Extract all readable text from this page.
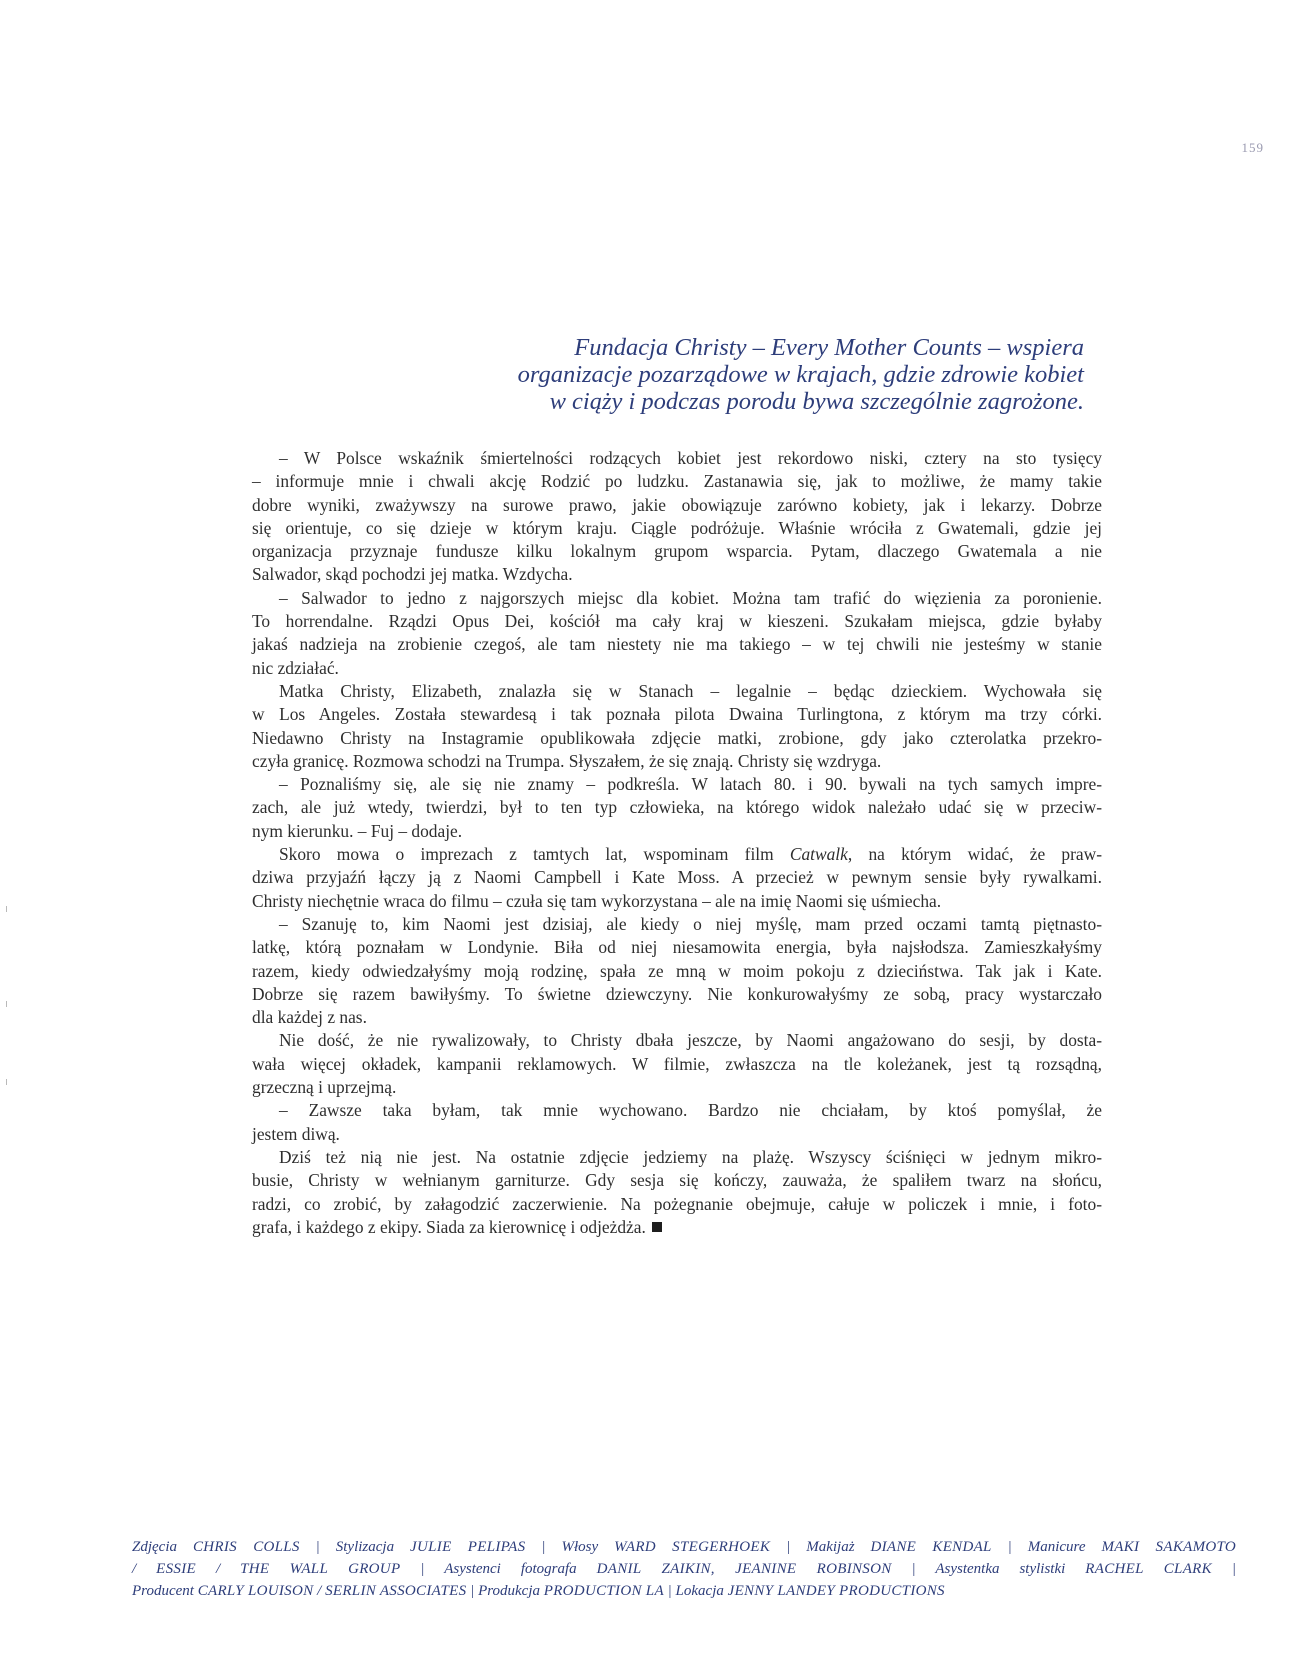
159
Fundacja Christy – Every Mother Counts – wspiera
organizacje pozarządowe w krajach, gdzie zdrowie kobiet
w ciąży i podczas porodu bywa szczególnie zagrożone.
– W Polsce wskaźnik śmiertelności rodzących kobiet jest rekordowo niski, cztery na sto tysięcy
– informuje mnie i chwali akcję Rodzić po ludzku. Zastanawia się, jak to możliwe, że mamy takie
dobre wyniki, zważywszy na surowe prawo, jakie obowiązuje zarówno kobiety, jak i lekarzy. Dobrze
się orientuje, co się dzieje w którym kraju. Ciągle podróżuje. Właśnie wróciła z Gwatemali, gdzie jej
organizacja przyznaje fundusze kilku lokalnym grupom wsparcia. Pytam, dlaczego Gwatemala a nie
Salwador, skąd pochodzi jej matka. Wzdycha.
– Salwador to jedno z najgorszych miejsc dla kobiet. Można tam trafić do więzienia za poronienie.
To horrendalne. Rządzi Opus Dei, kościół ma cały kraj w kieszeni. Szukałam miejsca, gdzie byłaby
jakaś nadzieja na zrobienie czegoś, ale tam niestety nie ma takiego – w tej chwili nie jesteśmy w stanie
nic zdziałać.
Matka Christy, Elizabeth, znalazła się w Stanach – legalnie – będąc dzieckiem. Wychowała się
w Los Angeles. Została stewardesą i tak poznała pilota Dwaina Turlingtona, z którym ma trzy córki.
Niedawno Christy na Instagramie opublikowała zdjęcie matki, zrobione, gdy jako czterolatka przekro-
czyła granicę. Rozmowa schodzi na Trumpa. Słyszałem, że się znają. Christy się wzdryga.
– Poznaliśmy się, ale się nie znamy – podkreśla. W latach 80. i 90. bywali na tych samych impre-
zach, ale już wtedy, twierdzi, był to ten typ człowieka, na którego widok należało udać się w przeciw-
nym kierunku. – Fuj – dodaje.
Skoro mowa o imprezach z tamtych lat, wspominam film Catwalk, na którym widać, że praw-
dziwa przyjaźń łączy ją z Naomi Campbell i Kate Moss. A przecież w pewnym sensie były rywalkami.
Christy niechętnie wraca do filmu – czuła się tam wykorzystana – ale na imię Naomi się uśmiecha.
– Szanuję to, kim Naomi jest dzisiaj, ale kiedy o niej myślę, mam przed oczami tamtą piętnasto-
latkę, którą poznałam w Londynie. Biła od niej niesamowita energia, była najsłodsza. Zamieszkałyśmy
razem, kiedy odwiedzałyśmy moją rodzinę, spała ze mną w moim pokoju z dzieciństwa. Tak jak i Kate.
Dobrze się razem bawiłyśmy. To świetne dziewczyny. Nie konkurowałyśmy ze sobą, pracy wystarczało
dla każdej z nas.
Nie dość, że nie rywalizowały, to Christy dbała jeszcze, by Naomi angażowano do sesji, by dosta-
wała więcej okładek, kampanii reklamowych. W filmie, zwłaszcza na tle koleżanek, jest tą rozsądną,
grzeczną i uprzejmą.
– Zawsze taka byłam, tak mnie wychowano. Bardzo nie chciałam, by ktoś pomyślał, że
jestem diwą.
Dziś też nią nie jest. Na ostatnie zdjęcie jedziemy na plażę. Wszyscy ściśnięci w jednym mikro-
busie, Christy w wełnianym garniturze. Gdy sesja się kończy, zauważa, że spaliłem twarz na słońcu,
radzi, co zrobić, by załagodzić zaczerwienie. Na pożegnanie obejmuje, całuje w policzek i mnie, i foto-
grafa, i każdego z ekipy. Siada za kierownicę i odjeżdża.
Zdjęcia CHRIS COLLS | Stylizacja JULIE PELIPAS | Włosy WARD STEGERHOEK | Makijaż DIANE KENDAL | Manicure MAKI SAKAMOTO
/ ESSIE / THE WALL GROUP | Asystenci fotografa DANIL ZAIKIN, JEANINE ROBINSON | Asystentka stylistki RACHEL CLARK |
Producent CARLY LOUISON / SERLIN ASSOCIATES | Produkcja PRODUCTION LA | Lokacja JENNY LANDEY PRODUCTIONS
